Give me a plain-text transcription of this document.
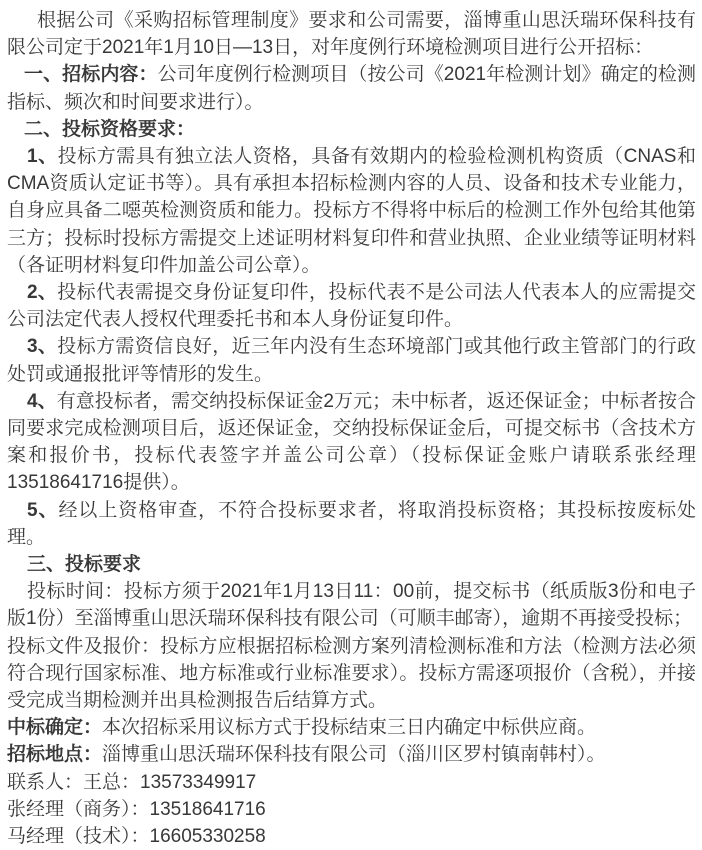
根据公司《采购招标管理制度》要求和公司需要，淄博重山思沃瑞环保科技有限公司定于2021年1月10日—13日，对年度例行环境检测项目进行公开招标：

一、招标内容：公司年度例行检测项目（按公司《2021年检测计划》确定的检测指标、频次和时间要求进行）。

二、投标资格要求：

1、投标方需具有独立法人资格，具备有效期内的检验检测机构资质（CNAS和CMA资质认定证书等）。具有承担本招标检测内容的人员、设备和技术专业能力，自身应具备二噁英检测资质和能力。投标方不得将中标后的检测工作外包给其他第三方；投标时投标方需提交上述证明材料复印件和营业执照、企业业绩等证明材料（各证明材料复印件加盖公司公章）。

2、投标代表需提交身份证复印件，投标代表不是公司法人代表本人的应需提交公司法定代表人授权代理委托书和本人身份证复印件。

3、投标方需资信良好，近三年内没有生态环境部门或其他行政主管部门的行政处罚或通报批评等情形的发生。

4、有意投标者，需交纳投标保证金2万元；未中标者，返还保证金；中标者按合同要求完成检测项目后，返还保证金，交纳投标保证金后，可提交标书（含技术方案和报价书，投标代表签字并盖公司公章）（投标保证金账户请联系张经理13518641716提供）。

5、经以上资格审查，不符合投标要求者，将取消投标资格；其投标按废标处理。

三、投标要求

投标时间：投标方须于2021年1月13日11：00前，提交标书（纸质版3份和电子版1份）至淄博重山思沃瑞环保科技有限公司（可顺丰邮寄），逾期不再接受投标；

投标文件及报价：投标方应根据招标检测方案列清检测标准和方法（检测方法必须符合现行国家标准、地方标准或行业标准要求）。投标方需逐项报价（含税），并接受完成当期检测并出具检测报告后结算方式。

中标确定：本次招标采用议标方式于投标结束三日内确定中标供应商。

招标地点：淄博重山思沃瑞环保科技有限公司（淄川区罗村镇南韩村）。

联系人：王总：13573349917

张经理（商务）：13518641716

马经理（技术）：16605330258
